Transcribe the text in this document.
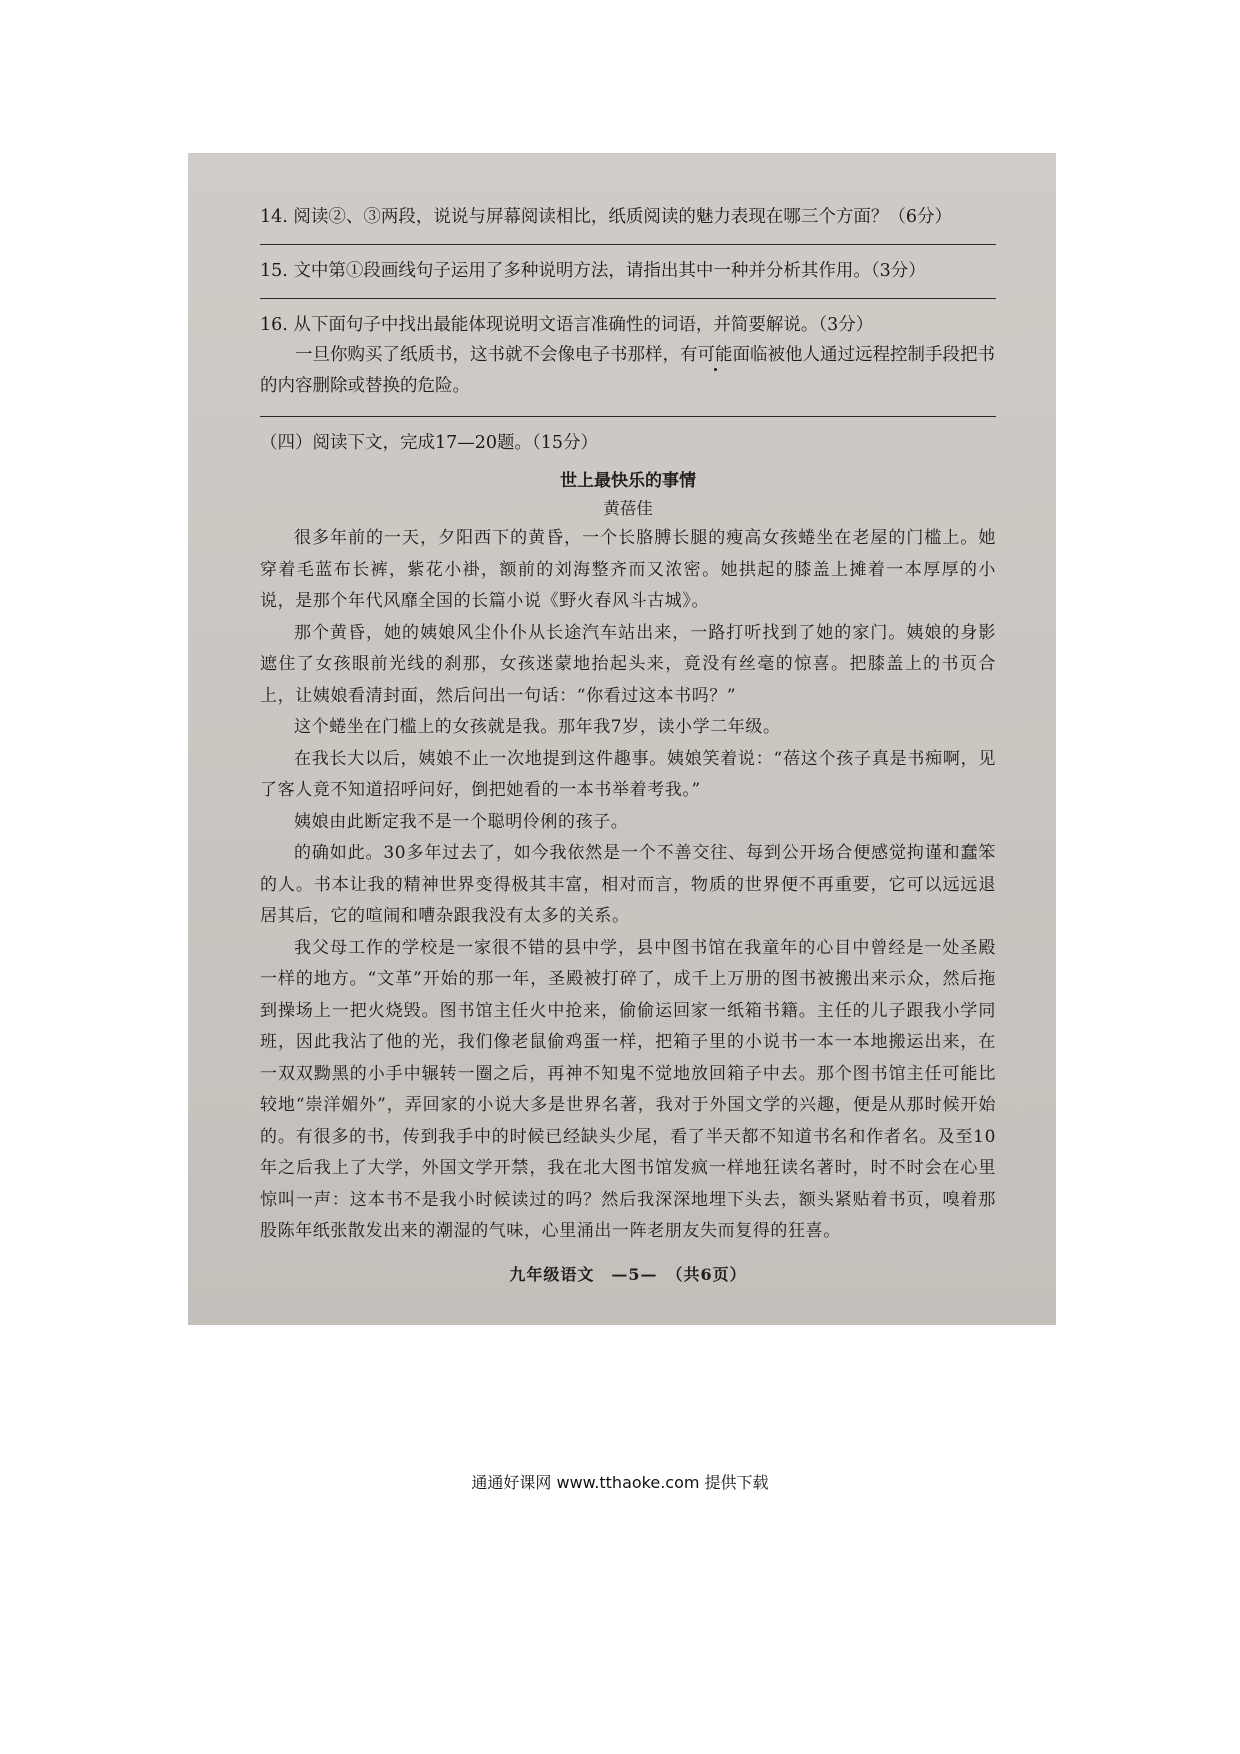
14. 阅读②、③两段，说说与屏幕阅读相比，纸质阅读的魅力表现在哪三个方面？（6分）

15. 文中第①段画线句子运用了多种说明方法，请指出其中一种并分析其作用。（3分）

16. 从下面句子中找出最能体现说明文语言准确性的词语，并简要解说。（3分）

一旦你购买了纸质书，这书就不会像电子书那样，有可能面临被他人通过远程控制手段把书的内容删除或替换的危险。

（四）阅读下文，完成17—20题。（15分）

世上最快乐的事情

黄蓓佳

很多年前的一天，夕阳西下的黄昏，一个长胳膊长腿的瘦高女孩蜷坐在老屋的门槛上。她穿着毛蓝布长裤，紫花小褂，额前的刘海整齐而又浓密。她拱起的膝盖上摊着一本厚厚的小说，是那个年代风靡全国的长篇小说《野火春风斗古城》。

那个黄昏，她的姨娘风尘仆仆从长途汽车站出来，一路打听找到了她的家门。姨娘的身影遮住了女孩眼前光线的刹那，女孩迷蒙地抬起头来，竟没有丝毫的惊喜。把膝盖上的书页合上，让姨娘看清封面，然后问出一句话：“你看过这本书吗？”

这个蜷坐在门槛上的女孩就是我。那年我7岁，读小学二年级。

在我长大以后，姨娘不止一次地提到这件趣事。姨娘笑着说：“蓓这个孩子真是书痴啊，见了客人竟不知道招呼问好，倒把她看的一本书举着考我。”

姨娘由此断定我不是一个聪明伶俐的孩子。

的确如此。30多年过去了，如今我依然是一个不善交往、每到公开场合便感觉拘谨和蠢笨的人。书本让我的精神世界变得极其丰富，相对而言，物质的世界便不再重要，它可以远远退居其后，它的喧闹和嘈杂跟我没有太多的关系。

我父母工作的学校是一家很不错的县中学，县中图书馆在我童年的心目中曾经是一处圣殿一样的地方。“文革”开始的那一年，圣殿被打碎了，成千上万册的图书被搬出来示众，然后拖到操场上一把火烧毁。图书馆主任火中抢来，偷偷运回家一纸箱书籍。主任的儿子跟我小学同班，因此我沾了他的光，我们像老鼠偷鸡蛋一样，把箱子里的小说书一本一本地搬运出来，在一双双黝黑的小手中辗转一圈之后，再神不知鬼不觉地放回箱子中去。那个图书馆主任可能比较地“崇洋媚外”，弄回家的小说大多是世界名著，我对于外国文学的兴趣，便是从那时候开始的。有很多的书，传到我手中的时候已经缺头少尾，看了半天都不知道书名和作者名。及至10年之后我上了大学，外国文学开禁，我在北大图书馆发疯一样地狂读名著时，时不时会在心里惊叫一声：这本书不是我小时候读过的吗？然后我深深地埋下头去，额头紧贴着书页，嗅着那股陈年纸张散发出来的潮湿的气味，心里涌出一阵老朋友失而复得的狂喜。

九年级语文　—5—　（共6页）
通通好课网 www.tthaoke.com 提供下载
